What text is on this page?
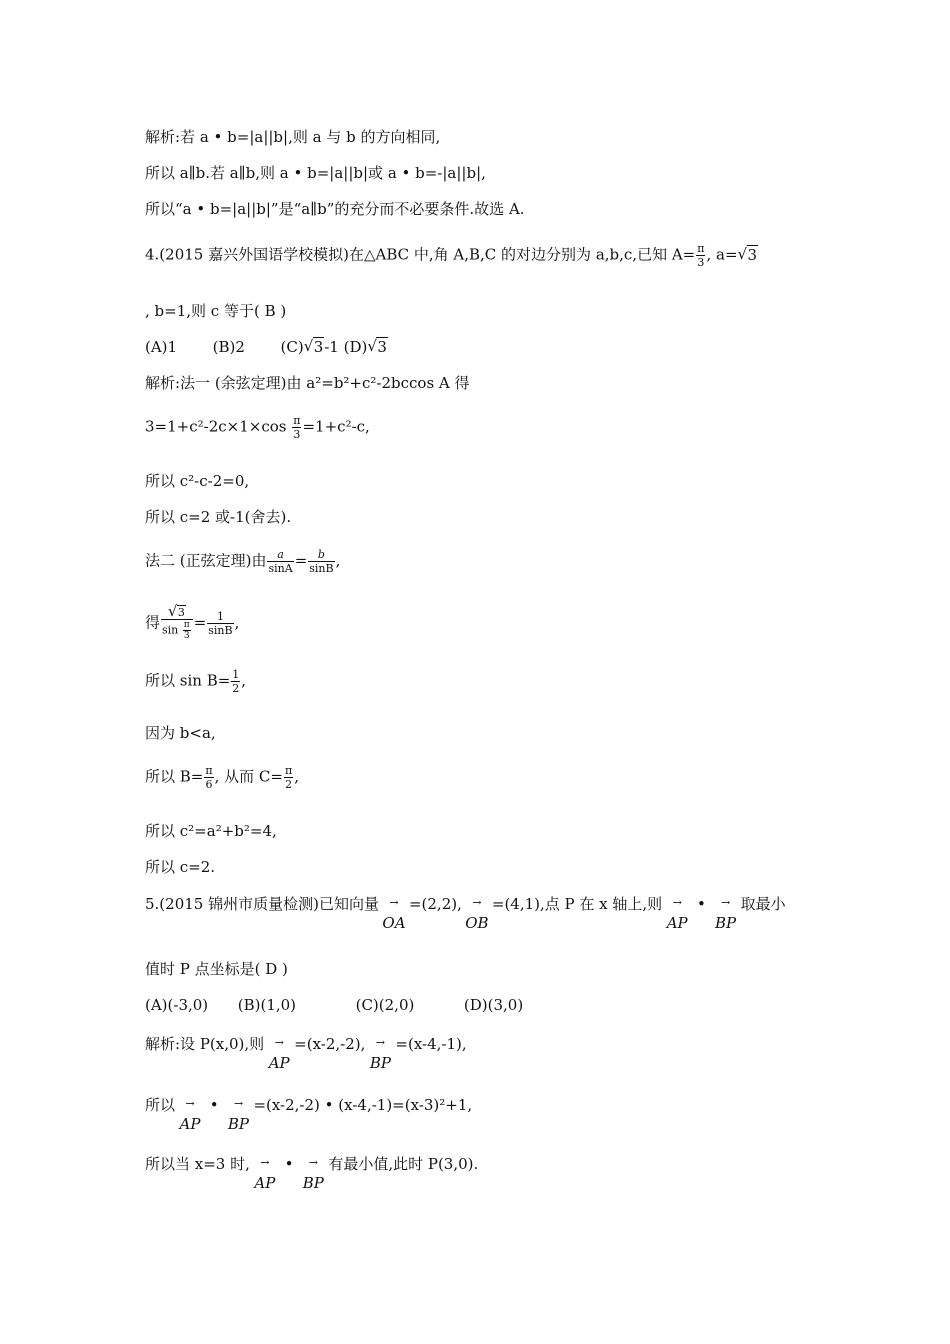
解析:若 a • b=|a||b|,则 a 与 b 的方向相同,
所以 a∥b.若 a∥b,则 a • b=|a||b|或 a • b=-|a||b|,
所以“a • b=|a||b|”是“a∥b”的充分而不必要条件.故选 A.
4.(2015 嘉兴外国语学校模拟)在△ABC 中,角 A,B,C 的对边分别为 a,b,c,已知 $A= \frac{\pi}{3}$ , a= √ 3
, b=1,则 c 等于( B )
(A)1 (B)2 (C) √ 3-1 (D) √ 3
解析:法一 (余弦定理)由 a²=b²+c²-2bccos A 得
$3=1+c^2-2c\times 1\times\cos \frac{\pi}{3} =1+c^2-c$,
所以 c²-c-2=0,
所以 c=2 或-1(舍去).
法二 (正弦定理)由 $\frac{a}{\sin A} = \frac{b}{\sin B}$ ,
得 √ $\frac{3}{\sin \frac{\pi}{3}} = \frac{1}{\sin B}$ ,
所以 $\sin B= \frac{1}{2}$ ,
因为 b<a,
所以 $B= \frac{\pi}{6}$ , 从而 $C= \frac{\pi}{2}$ ,
所以 c²=a²+b²=4,
所以 c=2.
5.(2015 锦州市质量检测)已知向量 →
OA
=(2,2), →
OB
=(4,1),点 P 在 x 轴上,则 →
AP
•	→
BP
取最小
值时 P 点坐标是( D )
(A)(-3,0) (B)(1,0)	(C)(2,0)	(D)(3,0)
解析:设 P(x,0),则 →
AP
=(x-2,-2), →
BP
=(x-4,-1),
所以 →
AP
•	→
BP
=(x-2,-2) • (x-4,-1)=(x-3)²+1,
所以当 x=3 时, →
AP
•	→
BP
有最小值,此时 P(3,0).
